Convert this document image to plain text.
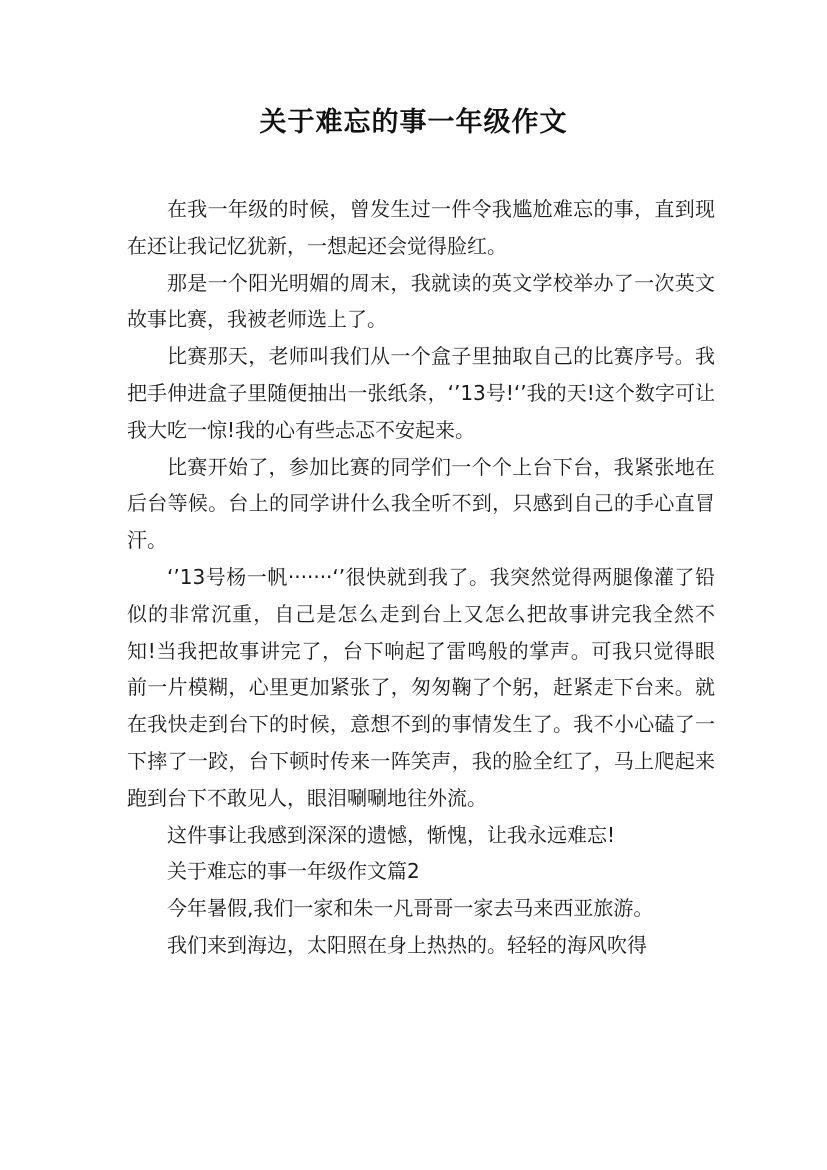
关于难忘的事一年级作文

在我一年级的时候，曾发生过一件令我尴尬难忘的事，直到现在还让我记忆犹新，一想起还会觉得脸红。

那是一个阳光明媚的周末，我就读的英文学校举办了一次英文故事比赛，我被老师选上了。

比赛那天，老师叫我们从一个盒子里抽取自己的比赛序号。我把手伸进盒子里随便抽出一张纸条，‘’13号!‘’我的天!这个数字可让我大吃一惊!我的心有些忐忑不安起来。

比赛开始了，参加比赛的同学们一个个上台下台，我紧张地在后台等候。台上的同学讲什么我全听不到，只感到自己的手心直冒汗。

‘’13号杨一帆·······‘’很快就到我了。我突然觉得两腿像灌了铅似的非常沉重，自己是怎么走到台上又怎么把故事讲完我全然不知!当我把故事讲完了，台下响起了雷鸣般的掌声。可我只觉得眼前一片模糊，心里更加紧张了，匆匆鞠了个躬，赶紧走下台来。就在我快走到台下的时候，意想不到的事情发生了。我不小心磕了一下摔了一跤，台下顿时传来一阵笑声，我的脸全红了，马上爬起来跑到台下不敢见人，眼泪唰唰地往外流。

这件事让我感到深深的遗憾，惭愧，让我永远难忘!

关于难忘的事一年级作文篇2

今年暑假,我们一家和朱一凡哥哥一家去马来西亚旅游。

我们来到海边，太阳照在身上热热的。轻轻的海风吹得
